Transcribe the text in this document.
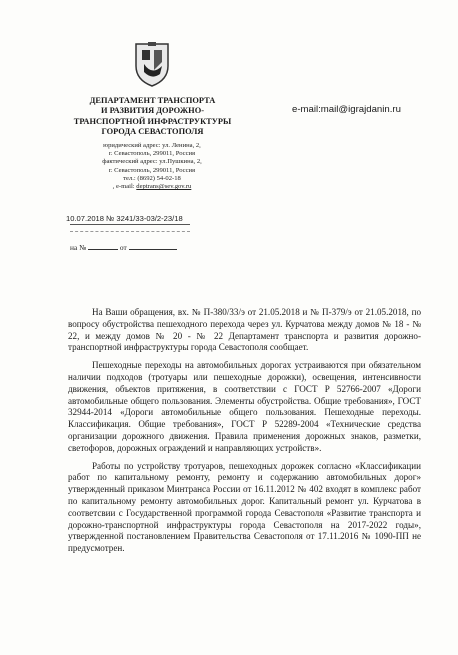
ДЕПАРТАМЕНТ ТРАНСПОРТА
И РАЗВИТИЯ ДОРОЖНО-
ТРАНСПОРТНОЙ ИНФРАСТРУКТУРЫ
ГОРОДА СЕВАСТОПОЛЯ
юридический адрес: ул. Ленина, 2,
г. Севастополь, 299011, Россия
фактический адрес: ул.Пушкина, 2,
г. Севастополь, 299011, Россия
тел.: (8692) 54-02-18
, e-mail: deptrans@sev.gov.ru
e-mail:mail@igrajdanin.ru
10.07.2018 № 3241/33-03/2-23/18
на №	от

На Ваши обращения, вх. № П-380/33/э от 21.05.2018 и № П-379/э от 21.05.2018, по вопросу обустройства пешеходного перехода через ул. Курчатова между домов № 18 - № 22, и между домов № 20 - № 22 Департамент транспорта и развития дорожно-транспортной инфраструктуры города Севастополя сообщает.

Пешеходные переходы на автомобильных дорогах устраиваются при обязательном наличии подходов (тротуары или пешеходные дорожки), освещения, интенсивности движения, объектов притяжения, в соответствии с ГОСТ Р 52766-2007 «Дороги автомобильные общего пользования. Элементы обустройства. Общие требования», ГОСТ 32944-2014 «Дороги автомобильные общего пользования. Пешеходные переходы. Классификация. Общие требования», ГОСТ Р 52289-2004 «Технические средства организации дорожного движения. Правила применения дорожных знаков, разметки, светофоров, дорожных ограждений и направляющих устройств».

Работы по устройству тротуаров, пешеходных дорожек согласно «Классификации работ по капитальному ремонту, ремонту и содержанию автомобильных дорог» утвержденный приказом Минтранса России от 16.11.2012 № 402 входят в комплекс работ по капитальному ремонту автомобильных дорог. Капитальный ремонт ул. Курчатова в соответсвии с Государственной программой города Севастополя «Развитие транспорта и дорожно-транспортной инфраструктуры города Севастополя на 2017-2022 годы», утвержденной постановлением Правительства Севастополя от 17.11.2016 № 1090-ПП не предусмотрен.
